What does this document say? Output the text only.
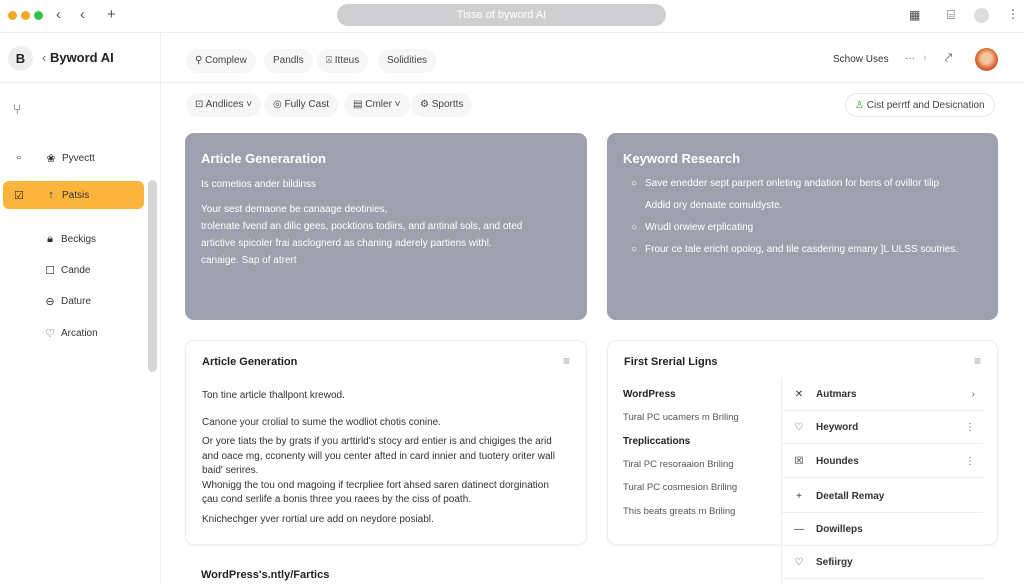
‹ ‹ +	Tisse of byword AI	▦ ⌸	⋮
B	‹ Byword AI
⑂
▫	❀ Pyvectt
☑	↑ Patsis
🔒︎ Beckigs
☐ Cande
⊖ Dature
♡ Arcation
⚲ Complew	Pandls	⍓ Itteus	Solidities	Schow Uses ··· › ⤤
⊡ Andlices ˅	◎ Fully Cast	▤ Cmler ˅	⚙ Sportts	♙ Cist perrtf and Desicnation
Article Generaration

Is cometios ander bildinss

Your sest demaone be canaage deotinies,

trolenate fvend an dilic gees, pocktions todiirs, and antinal sols, and oted

artictive spicoler frai asclognerd as chaning aderely partiens withl.

canaige. Sap of atrert

Keyword Research
○ Save enedder sept parpert onleting andation for bens of ovillor tilip
Addid ory denaate comuldyste.
○ Wrudl orwiew erplicating
○ Frour ce tale ericht opolog, and tile casdering emany ]L ULSS soutries.
Article Generation	≡
Ton tine article thallpont krewod.
Canone your crolial to sume the wodliot chotis conine.
Or yore tiats the by grats if you arttirld's stocy ard entier is and chigiges the arid and oace mg, cconenty will you center afted in card innier and tuotery oriter wall baid' serires.
Whonigg the tou ond magoing if tecrpliee fort ahsed saren datinect dorgination çau cond serlife a bonis three you raees by the ciss of poath.
Knichechger yver rortial ure add on neydore posiabl.
WordPress's.ntly/Fartics
First Srerial Ligns	≡
WordPress
Tural PC ucamers m Briling
Trepliccations
Tiral PC resoraaion Briling
Tural PC cosmesion Briling
This beats greats m Briling
✕	Autmars	›
♡	Heyword	⋮
☒	Houndes	⋮
+	Deetall Remay
—	Dowilleps
♡	Sefiirgy
